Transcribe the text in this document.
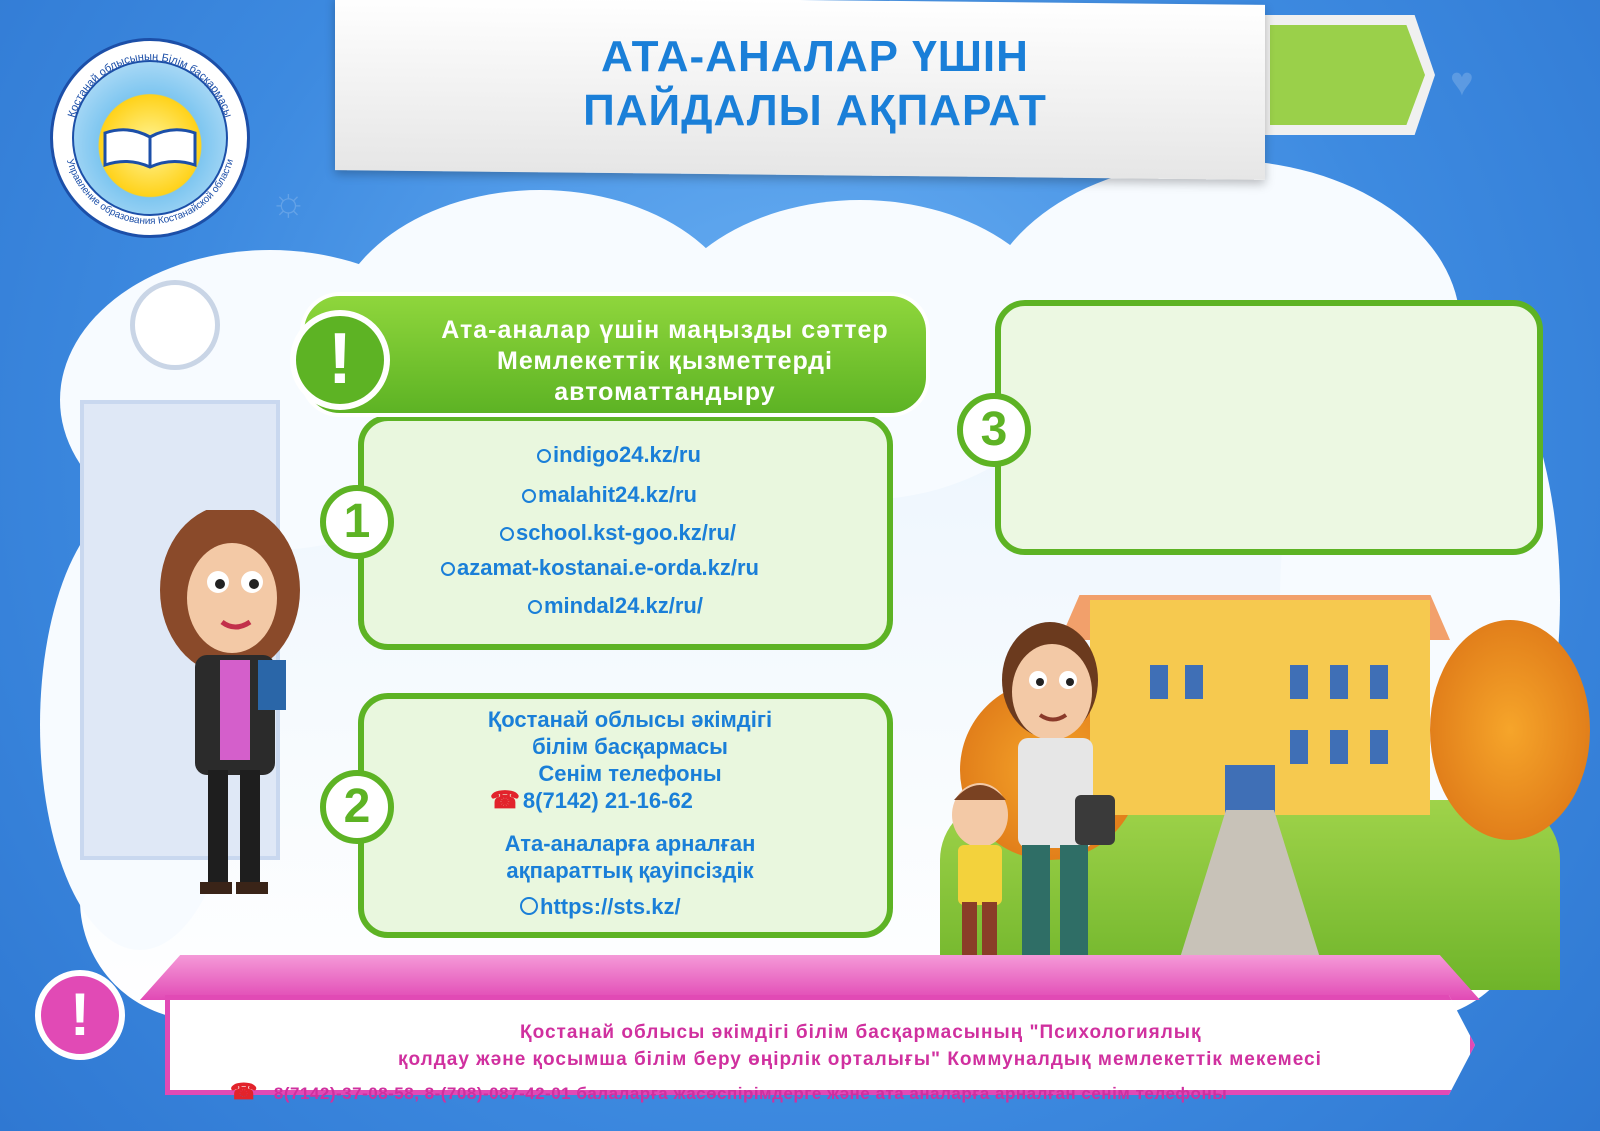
♥
☼
АТА-АНАЛАР ҮШІН
ПАЙДАЛЫ АҚПАРАТ
Қостанай облысының Білім басқармасы
Управление образования Костанайской области
!	Ата-аналар үшін маңызды сәттер
Мемлекеттік қызметтерді
автоматтандыру
1
indigo24.kz/ru
malahit24.kz/ru
school.kst-goo.kz/ru/
azamat-kostanai.e-orda.kz/ru
mindal24.kz/ru/
2
Қостанай облысы әкімдігі
білім басқармасы
Сенім телефоны
☎ 8(7142) 21-16-62
Ата-аналарға арналған
ақпараттық қауіпсіздік
https://sts.kz/
3
!	Қостанай облысы әкімдігі білім басқармасының "Психологиялық
қолдау және қосымша білім беру өңірлік орталығы" Коммуналдық мемлекеттік мекемесі
☎ 8(7142)-37-08-58, 8-(708)-087-42-01 балаларға жасөспірімдерге және ата аналарға арналған сенім телефоны
